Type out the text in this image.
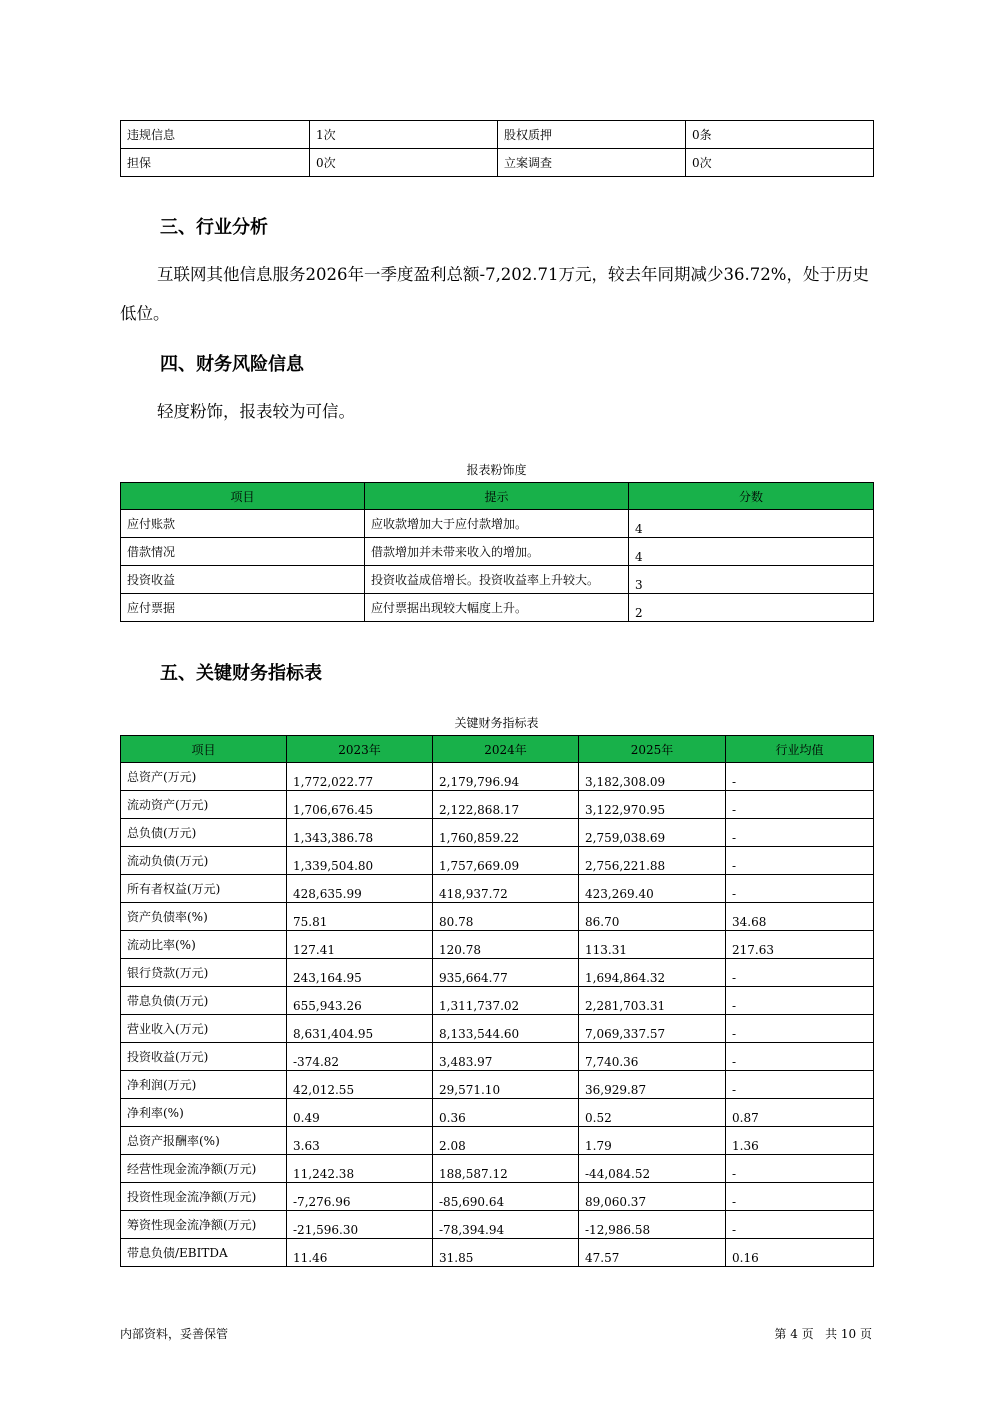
违规信息	1次	股权质押	0条
担保	0次	立案调查	0次
三、行业分析
互联网其他信息服务2026年一季度盈利总额-7,202.71万元，较去年同期减少36.72%，处于历史低位。
四、财务风险信息
轻度粉饰，报表较为可信。
报表粉饰度
项目	提示	分数
应付账款	应收款增加大于应付款增加。	4
借款情况	借款增加并未带来收入的增加。	4
投资收益	投资收益成倍增长。投资收益率上升较大。	3
应付票据	应付票据出现较大幅度上升。	2
五、关键财务指标表
关键财务指标表
项目	2023年	2024年	2025年	行业均值
总资产(万元)	1,772,022.77	2,179,796.94	3,182,308.09	-
流动资产(万元)	1,706,676.45	2,122,868.17	3,122,970.95	-
总负债(万元)	1,343,386.78	1,760,859.22	2,759,038.69	-
流动负债(万元)	1,339,504.80	1,757,669.09	2,756,221.88	-
所有者权益(万元)	428,635.99	418,937.72	423,269.40	-
资产负债率(%)	75.81	80.78	86.70	34.68
流动比率(%)	127.41	120.78	113.31	217.63
银行贷款(万元)	243,164.95	935,664.77	1,694,864.32	-
带息负债(万元)	655,943.26	1,311,737.02	2,281,703.31	-
营业收入(万元)	8,631,404.95	8,133,544.60	7,069,337.57	-
投资收益(万元)	-374.82	3,483.97	7,740.36	-
净利润(万元)	42,012.55	29,571.10	36,929.87	-
净利率(%)	0.49	0.36	0.52	0.87
总资产报酬率(%)	3.63	2.08	1.79	1.36
经营性现金流净额(万元)	11,242.38	188,587.12	-44,084.52	-
投资性现金流净额(万元)	-7,276.96	-85,690.64	89,060.37	-
筹资性现金流净额(万元)	-21,596.30	-78,394.94	-12,986.58	-
带息负债/EBITDA	11.46	31.85	47.57	0.16
内部资料，妥善保管	第 4 页   共 10 页
